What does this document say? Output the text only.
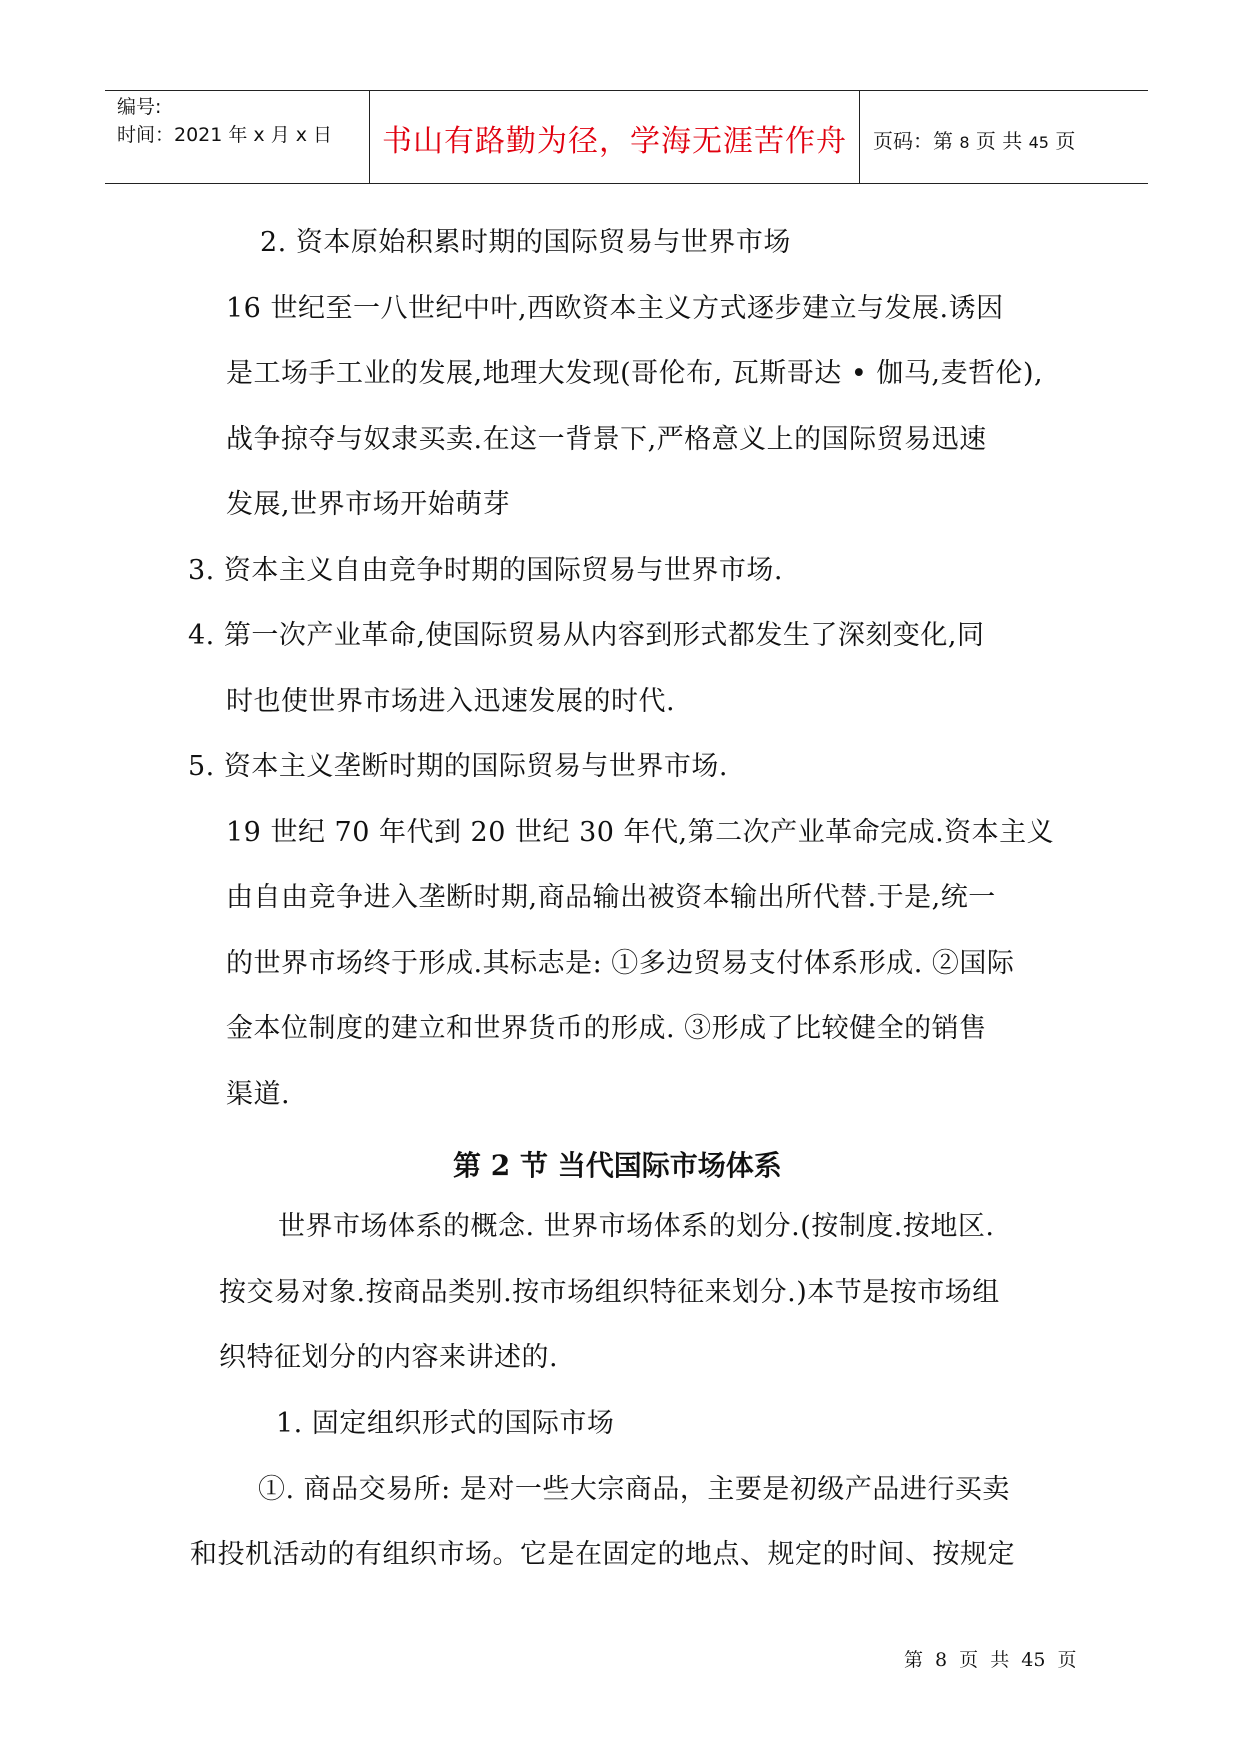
编号:
时间：2021 年 x 月 x 日	书山有路勤为径，学海无涯苦作舟	页码：第 8 页 共 45 页
2. 资本原始积累时期的国际贸易与世界市场
16 世纪至一八世纪中叶,西欧资本主义方式逐步建立与发展.诱因
是工场手工业的发展,地理大发现(哥伦布, 瓦斯哥达 • 伽马,麦哲伦),
战争掠夺与奴隶买卖.在这一背景下,严格意义上的国际贸易迅速
发展,世界市场开始萌芽
3. 资本主义自由竞争时期的国际贸易与世界市场.
4. 第一次产业革命,使国际贸易从内容到形式都发生了深刻变化,同
时也使世界市场进入迅速发展的时代.
5. 资本主义垄断时期的国际贸易与世界市场.
19 世纪 70 年代到 20 世纪 30 年代,第二次产业革命完成.资本主义
由自由竞争进入垄断时期,商品输出被资本输出所代替.于是,统一
的世界市场终于形成.其标志是: ①多边贸易支付体系形成. ②国际
金本位制度的建立和世界货币的形成. ③形成了比较健全的销售
渠道.
第 2 节 当代国际市场体系
世界市场体系的概念. 世界市场体系的划分.(按制度.按地区.
按交易对象.按商品类别.按市场组织特征来划分.)本节是按市场组
织特征划分的内容来讲述的.
1. 固定组织形式的国际市场
①. 商品交易所: 是对一些大宗商品，主要是初级产品进行买卖
和投机活动的有组织市场。它是在固定的地点、规定的时间、按规定
第 8 页 共 45 页
